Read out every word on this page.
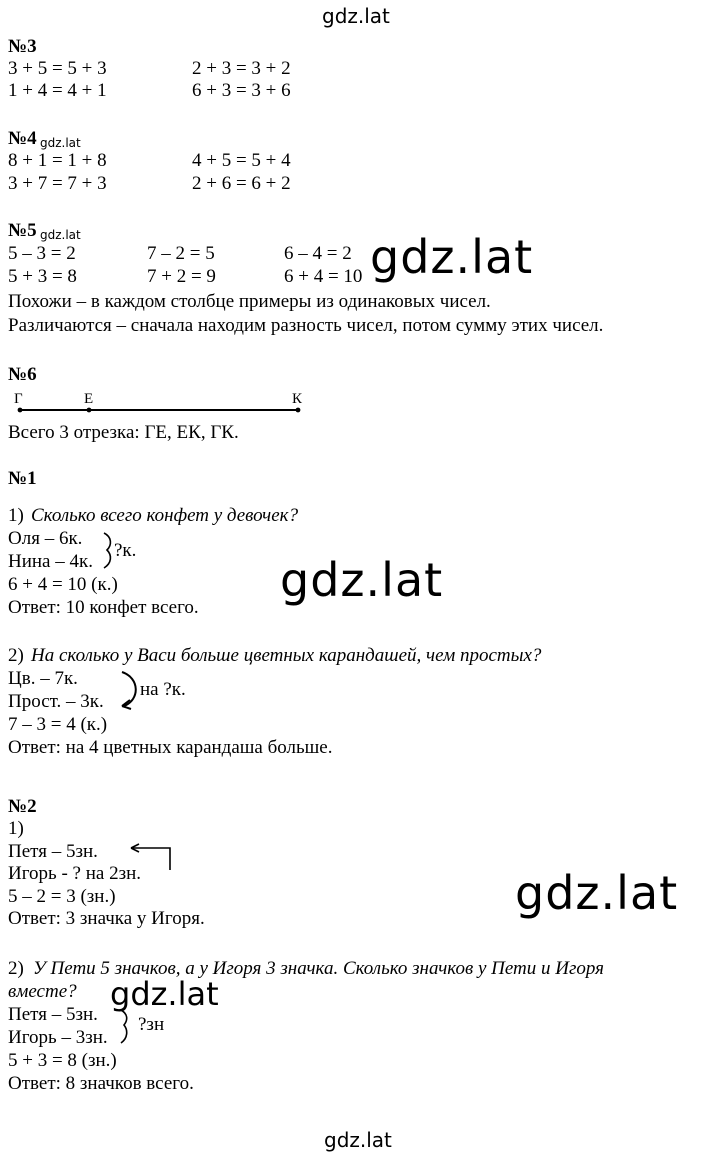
gdz.lat
№3
3 + 5 = 5 + 3	2 + 3 = 3 + 2
1 + 4 = 4 + 1	6 + 3 = 3 + 6
№4 gdz.lat
8 + 1 = 1 + 8	4 + 5 = 5 + 4
3 + 7 = 7 + 3	2 + 6 = 6 + 2
№5 gdz.lat
5 – 3 = 2	7 – 2 = 5	6 – 4 = 2
5 + 3 = 8	7 + 2 = 9	6 + 4 = 10 gdz.lat
Похожи – в каждом столбце примеры из одинаковых чисел.
Различаются – сначала находим разность чисел, потом сумму этих чисел.
№6
Г	Е	К
Всего 3 отрезка: ГЕ, ЕК, ГК.
№1
1) Сколько всего конфет у девочек?
Оля – 6к.
Нина – 4к.
?к.
6 + 4 = 10 (к.)
Ответ: 10 конфет всего.
gdz.lat
2) На сколько у Васи больше цветных карандашей, чем простых?
Цв. – 7к.
Прост. – 3к.
на ?к.
7 – 3 = 4 (к.)
Ответ: на 4 цветных карандаша больше.
№2
1)
Петя – 5зн.
Игорь - ? на 2зн.
5 – 2 = 3 (зн.)
Ответ: 3 значка у Игоря.	gdz.lat
2) У Пети 5 значков, а у Игоря 3 значка. Сколько значков у Пети и Игоря
вместе? gdz.lat
Петя – 5зн.
Игорь – 3зн.
?зн
5 + 3 = 8 (зн.)
Ответ: 8 значков всего.
gdz.lat
